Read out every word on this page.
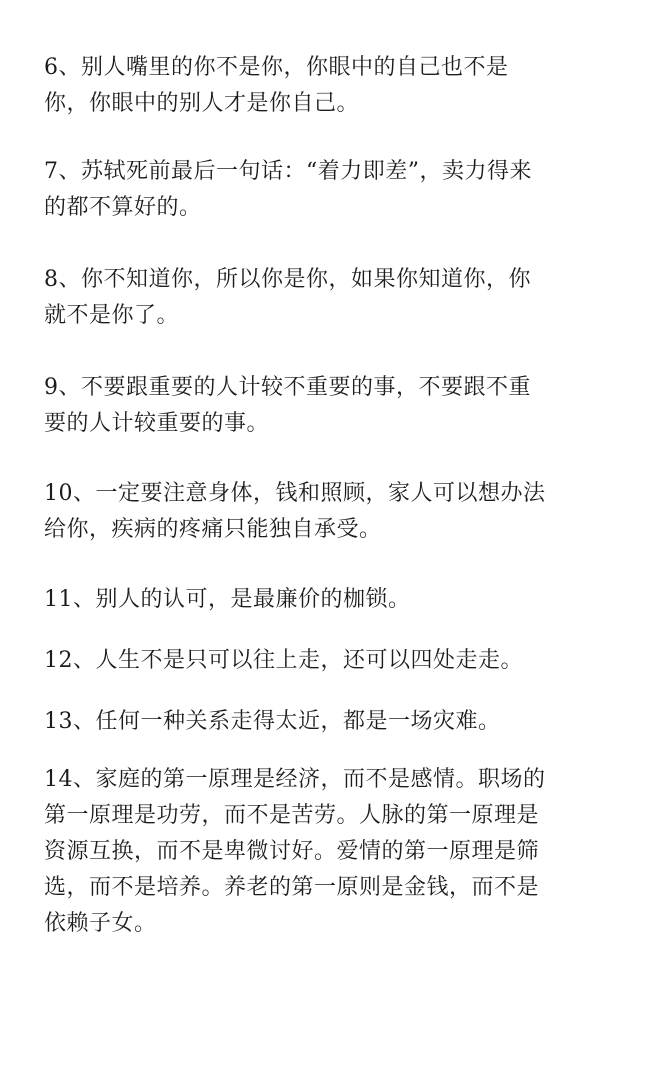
6、别人嘴里的你不是你，你眼中的自己也不是
你，你眼中的别人才是你自己。

7、苏轼死前最后一句话：“着力即差”，卖力得来
的都不算好的。

8、你不知道你，所以你是你，如果你知道你，你
就不是你了。

9、不要跟重要的人计较不重要的事，不要跟不重
要的人计较重要的事。

10、一定要注意身体，钱和照顾，家人可以想办法
给你，疾病的疼痛只能独自承受。

11、别人的认可，是最廉价的枷锁。

12、人生不是只可以往上走，还可以四处走走。

13、任何一种关系走得太近，都是一场灾难。

14、家庭的第一原理是经济，而不是感情。职场的
第一原理是功劳，而不是苦劳。人脉的第一原理是
资源互换，而不是卑微讨好。爱情的第一原理是筛
选，而不是培养。养老的第一原则是金钱，而不是
依赖子女。
